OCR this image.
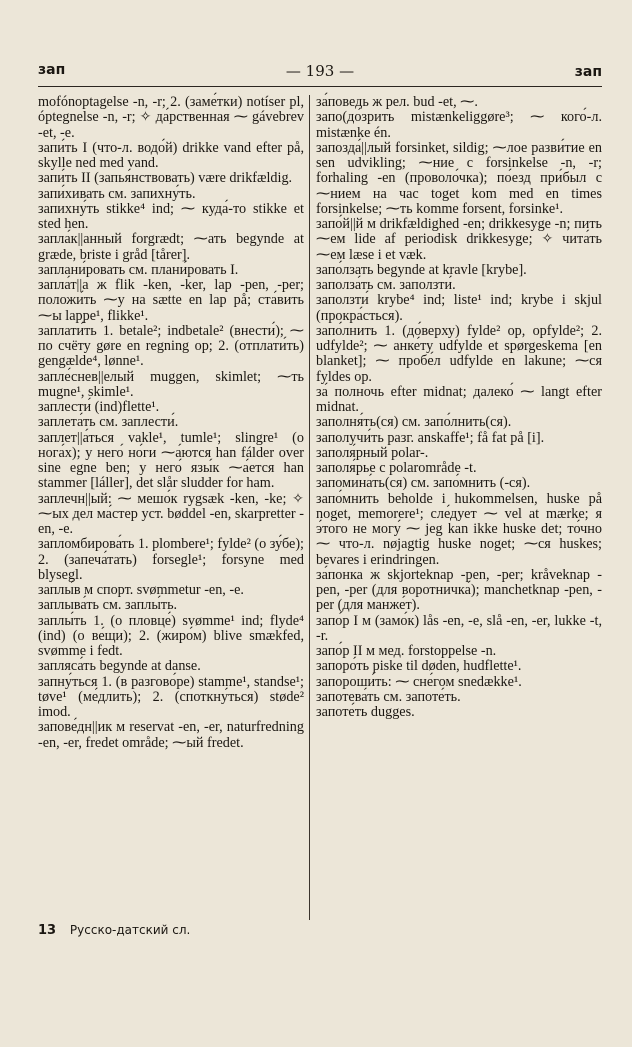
зап	— 193 —	зап

mofónoptagelse -n, -r; 2. (заме́тки) notíser pl, óptegnelse -n, -r; ✧ да́рственная ⁓ gávebrev -et, -e.

запи́ть I (что-л. водо́й) drikke vand efter på, skylle ned med vand.

запи́ть II (запья́нствовать) være drikfældig.

запи́хивать см. запихну́ть.

запихну́ть stikke⁴ ind; ⁓ куда́-то stikke et sted hen.

запла́к||анный forgrædt; ⁓ать begynde at græde, briste i gråd [tårer].

заплани́ровать см. плани́ровать I.

запла́т||а ж flik -ken, -ker, lap -pen, -per; положи́ть ⁓у на sætte en lap på; ста́вить ⁓ы lappe¹, flikke¹.

заплати́ть 1. betale²; indbetale² (внести́); ⁓ по счёту gøre en regning op; 2. (отплати́ть) gengælde⁴, lønne¹.

запле́снев||елый muggen, skimlet; ⁓ть mugne¹, skimle¹.

заплести́ (ind)flette¹.

заплета́ть см. заплести́.

заплет||а́ться vakle¹, tumle¹; slingre¹ (о нога́х); у него́ но́ги ⁓а́ются han fálder over sine egne ben; у него́ язы́к ⁓а́ется han stammer [láller], det slår sludder for ham.

заплечн||ый: ⁓ мешо́к rygsæk -ken, -ke; ✧ ⁓ых дел ма́стер уст. bøddel -en, skarpretter -en, -e.

запломбирова́ть 1. plombere¹; fylde² (о зу́бе); 2. (запеча́тать) forsegle¹; forsyne med blysegl.

заплы́в м спорт. svømmetur -en, -e.

заплыва́ть см. заплы́ть.

заплы́ть 1. (о пловце́) svømme¹ ind; flyde⁴ (ind) (о ве́щи); 2. (жиро́м) blive smækfed, svømme i fedt.

запляса́ть begynde at danse.

запну́ться 1. (в разгово́ре) stamme¹, standse¹; tøve¹ (ме́длить); 2. (споткну́ться) støde² imod.

запове́дн||ик м reservat -en, -er, naturfredning -en, -er, fredet område; ⁓ый fredet.

за́поведь ж рел. bud -et, ⁓.

запо(до́зрить mistænkeliggøre³; ⁓ кого́-л. mistænke én.

запозда́||лый forsinket, sildig; ⁓лое разви́тие en sen udvikling; ⁓ние с forsinkelse -n, -r; forhaling -en (проволо́чка); по́езд при́был с ⁓нием на час toget kom med en times forsinkelse; ⁓ть komme forsent, forsinke¹.

запо́й||й м drikfældighed -en; drikkesyge -n; пить ⁓ем lide af periodisk drikkesyge; ✧ чита́ть ⁓ем læse i et væk.

запо́лзать begynde at kravle [krybe].

заполза́ть см. заползти́.

заползти́ krybe⁴ ind; liste¹ ind; krybe i skjul (прокра́сться).

запо́лнить 1. (до́верху) fylde² op, opfylde²; 2. udfylde²; ⁓ анке́ту udfylde et spørgeskema [en blanket]; ⁓ пробе́л udfylde en lakune; ⁓ся fyldes op.

за́ полночь efter midnat; далеко́ ⁓ langt efter midnat.

заполня́ть(ся) см. запо́лнить(ся).

заполучи́ть разг. anskaffe¹; få fat på [i].

заполя́рный polar-.

заполя́рье с polarområde -t.

запомина́ть(ся) см. запо́мнить (-ся).

запо́мнить beholde i hukommelsen, huske på noget, memorere¹; сле́дует ⁓ vel at mærke; я э́того не могу́ ⁓ jeg kan ikke huske det; то́чно ⁓ что-л. nøjagtig huske noget; ⁓ся huskes; bevares i erindringen.

за́понка ж skjorteknap -pen, -per; kråveknap -pen, -per (для воротничка́); manchetknap -pen, -per (для манже́т).

запо́р I м (замо́к) lås -en, -e, slå -en, -er, lukke -t, -r.

запо́р II м мед. forstoppelse -n.

запоро́ть piske til døden, hudflette¹.

запороши́ть: ⁓ сне́гом snedække¹.

запотева́ть см. запоте́ть.

запоте́ть dugges.

13 Русско-датский сл.
